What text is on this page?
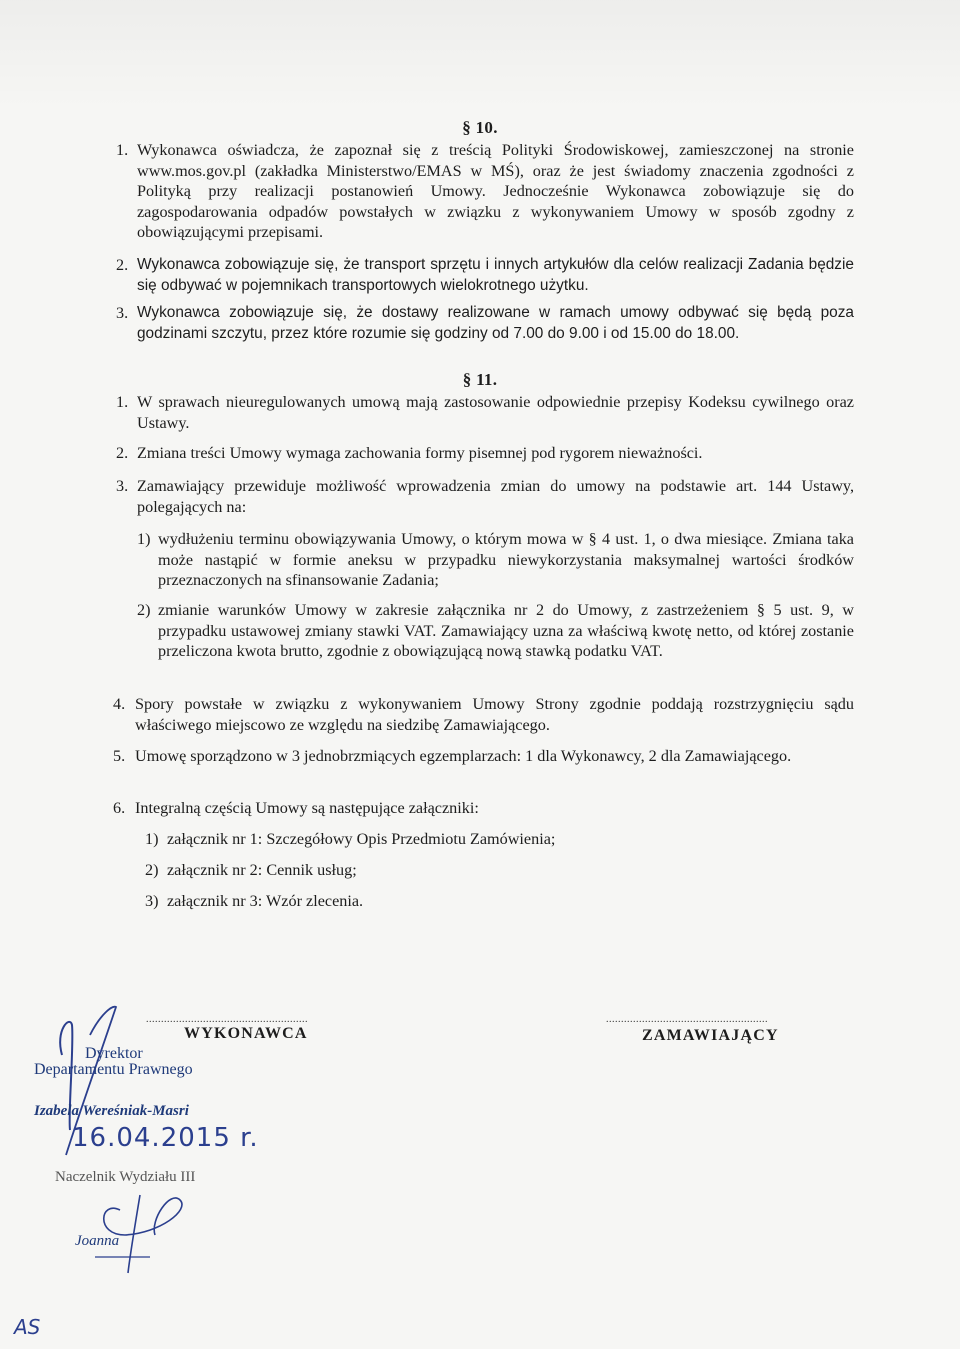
§ 10.
1. Wykonawca oświadcza, że zapoznał się z treścią Polityki Środowiskowej, zamieszczonej na stronie www.mos.gov.pl (zakładka Ministerstwo/EMAS w MŚ), oraz że jest świadomy znaczenia zgodności z Polityką przy realizacji postanowień Umowy. Jednocześnie Wykonawca zobowiązuje się do zagospodarowania odpadów powstałych w związku z wykonywaniem Umowy w sposób zgodny z obowiązującymi przepisami.
2. Wykonawca zobowiązuje się, że transport sprzętu i innych artykułów dla celów realizacji Zadania będzie się odbywać w pojemnikach transportowych wielokrotnego użytku.
3. Wykonawca zobowiązuje się, że dostawy realizowane w ramach umowy odbywać się będą poza godzinami szczytu, przez które rozumie się godziny od 7.00 do 9.00 i od 15.00 do 18.00.
§ 11.
1. W sprawach nieuregulowanych umową mają zastosowanie odpowiednie przepisy Kodeksu cywilnego oraz Ustawy.
2. Zmiana treści Umowy wymaga zachowania formy pisemnej pod rygorem nieważności.
3. Zamawiający przewiduje możliwość wprowadzenia zmian do umowy na podstawie art. 144 Ustawy, polegających na:
1) wydłużeniu terminu obowiązywania Umowy, o którym mowa w § 4 ust. 1, o dwa miesiące. Zmiana taka może nastąpić w formie aneksu w przypadku niewykorzystania maksymalnej wartości środków przeznaczonych na sfinansowanie Zadania;
2) zmianie warunków Umowy w zakresie załącznika nr 2 do Umowy, z zastrzeżeniem § 5 ust. 9, w przypadku ustawowej zmiany stawki VAT. Zamawiający uzna za właściwą kwotę netto, od której zostanie przeliczona kwota brutto, zgodnie z obowiązującą nową stawką podatku VAT.
4. Spory powstałe w związku z wykonywaniem Umowy Strony zgodnie poddają rozstrzygnięciu sądu właściwego miejscowo ze względu na siedzibę Zamawiającego.
5. Umowę sporządzono w 3 jednobrzmiących egzemplarzach: 1 dla Wykonawcy, 2 dla Zamawiającego.
6. Integralną częścią Umowy są następujące załączniki:
1) załącznik nr 1: Szczegółowy Opis Przedmiotu Zamówienia;
2) załącznik nr 2: Cennik usług;
3) załącznik nr 3: Wzór zlecenia.
......................................................
WYKONAWCA
......................................................
ZAMAWIAJĄCY
Dyrektor
Departamentu Prawnego
Izabela Wereśniak-Masri
16.04.2015 r.
Naczelnik Wydziału III
Joanna
AS
